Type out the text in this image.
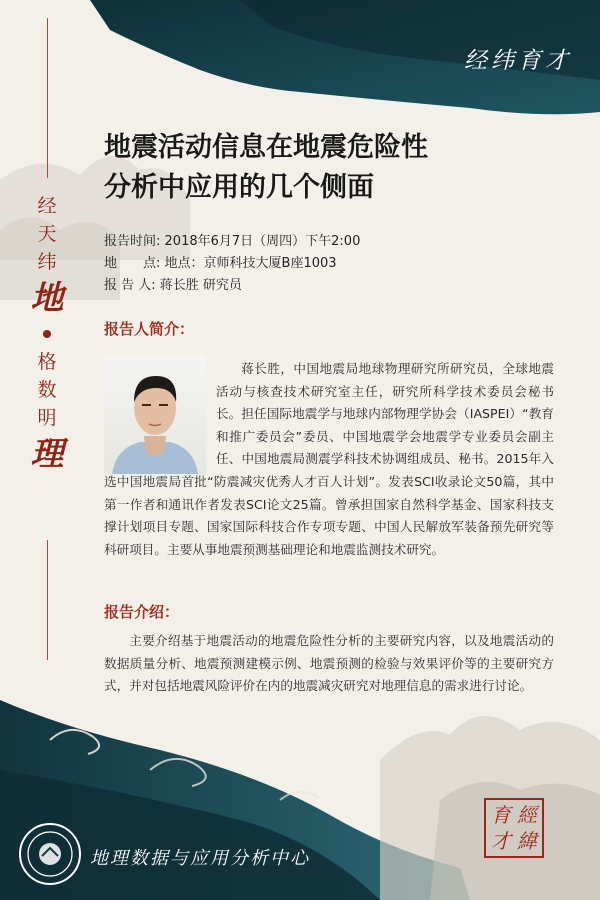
经纬育才
经
天
纬
地
格
数
明
理
地震活动信息在地震危险性
分析中应用的几个侧面
报告时间: 2018年6月7日（周四）下午2:00
地　　点: 地点：京师科技大厦B座1003
报 告 人: 蒋长胜 研究员
报告人简介：

蒋长胜，中国地震局地球物理研究所研究员，全球地震活动与核查技术研究室主任，研究所科学技术委员会秘书长。担任国际地震学与地球内部物理学协会（IASPEI）“教育和推广委员会”委员、中国地震学会地震学专业委员会副主任、中国地震局测震学科技术协调组成员、秘书。2015年入选中国地震局首批“防震减灾优秀人才百人计划”。发表SCI收录论文50篇，其中第一作者和通讯作者发表SCI论文25篇。曾承担国家自然科学基金、国家科技支撑计划项目专题、国家国际科技合作专项专题、中国人民解放军装备预先研究等科研项目。主要从事地震预测基础理论和地震监测技术研究。

报告介绍：

主要介绍基于地震活动的地震危险性分析的主要研究内容，以及地震活动的数据质量分析、地震预测建模示例、地震预测的检验与效果评价等的主要研究方式，并对包括地震风险评价在内的地震减灾研究对地理信息的需求进行讨论。

地理数据与应用分析中心
育 經
才 緯
